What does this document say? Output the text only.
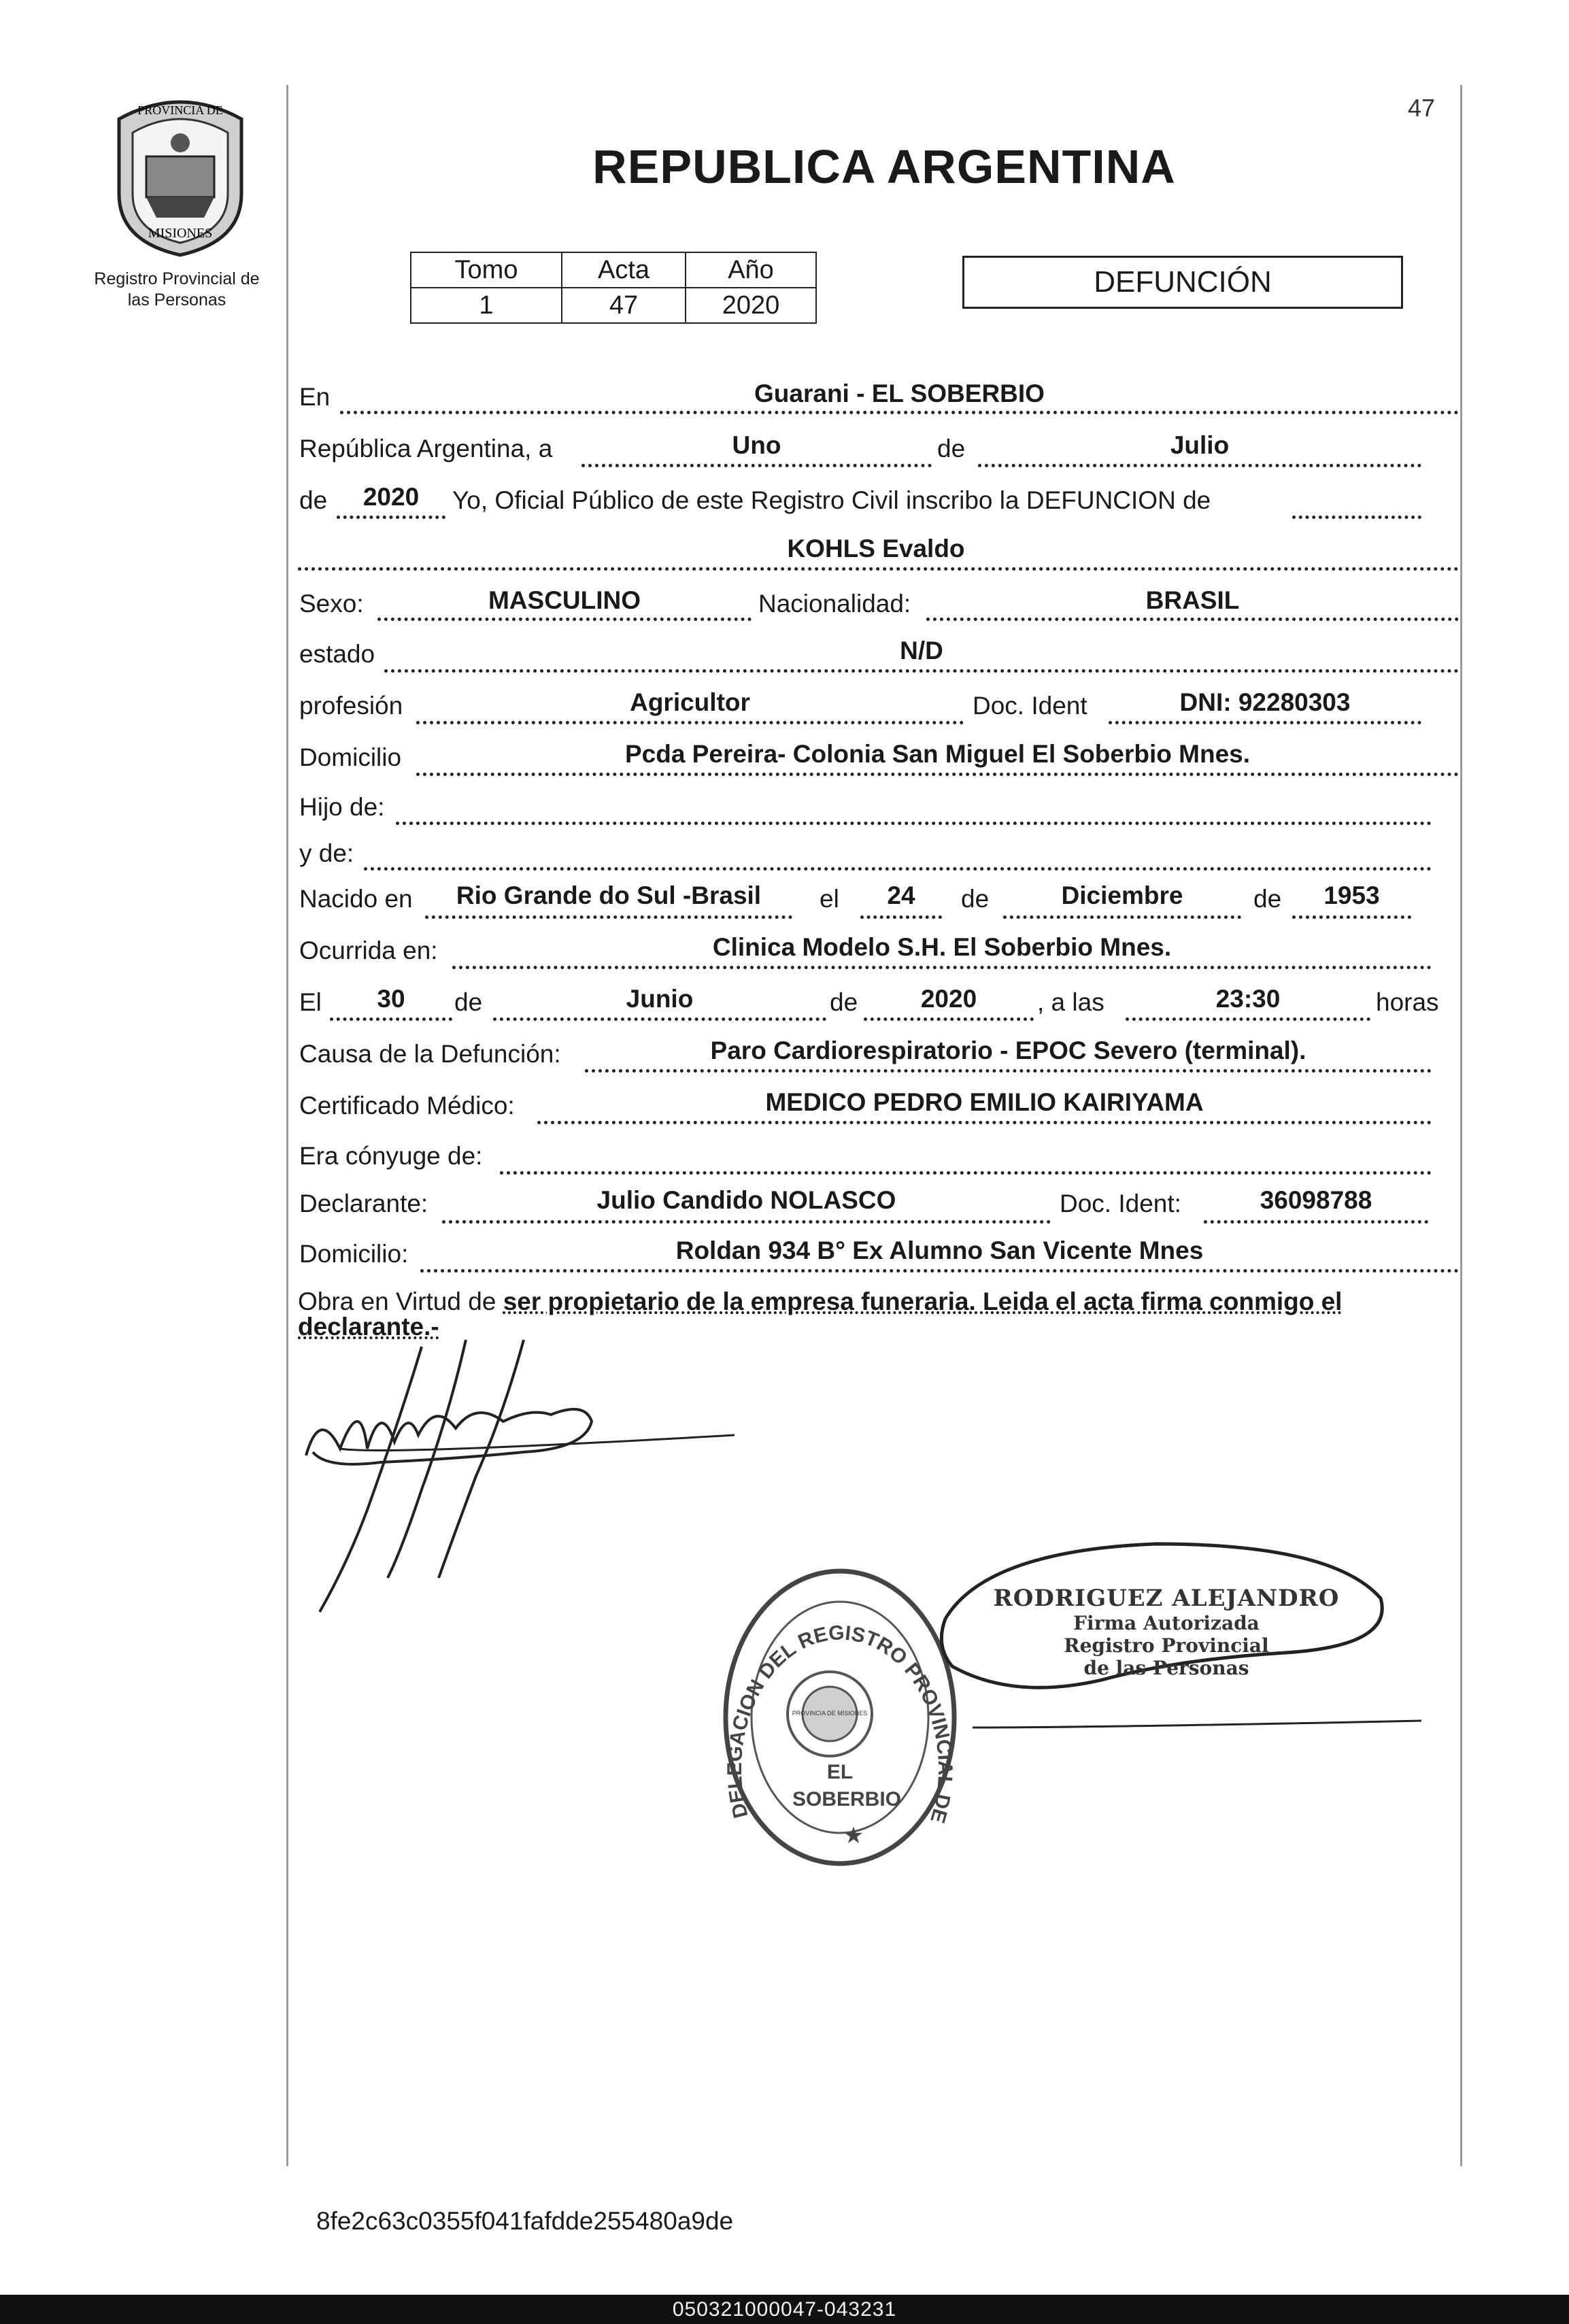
PROVINCIA DE
MISIONES
Registro Provincial de
las Personas
47
REPUBLICA ARGENTINA
Tomo	Acta	Año
1	47	2020
DEFUNCIÓN
En	Guarani - EL SOBERBIO
República Argentina, a	Uno	de	Julio
de	2020	Yo, Oficial Público de este Registro Civil inscribo la DEFUNCION de
KOHLS Evaldo
Sexo:	MASCULINO	Nacionalidad:	BRASIL
estado	N/D
profesión	Agricultor	Doc. Ident	DNI: 92280303
Domicilio	Pcda Pereira- Colonia San Miguel El Soberbio Mnes.
Hijo de:
y de:
Nacido en	Rio Grande do Sul -Brasil	el	24	de	Diciembre	de	1953
Ocurrida en:	Clinica Modelo S.H. El Soberbio Mnes.
El	30	de	Junio	de	2020	, a las	23:30	horas
Causa de la Defunción:	Paro Cardiorespiratorio - EPOC Severo (terminal).
Certificado Médico:	MEDICO PEDRO EMILIO KAIRIYAMA
Era cónyuge de:
Declarante:	Julio Candido NOLASCO	Doc. Ident:	36098788
Domicilio:	Roldan 934 B° Ex Alumno San Vicente Mnes
Obra en Virtud de ser propietario de la empresa funeraria. Leida el acta firma conmigo el declarante.-
DELEGACION DEL REGISTRO PROVINCIAL DE LAS PERSONAS
PROVINCIA DE MISIONES
EL
SOBERBIO
★
RODRIGUEZ ALEJANDRO
Firma Autorizada
Registro Provincial
de las Personas
8fe2c63c0355f041fafdde255480a9de
050321000047-043231
